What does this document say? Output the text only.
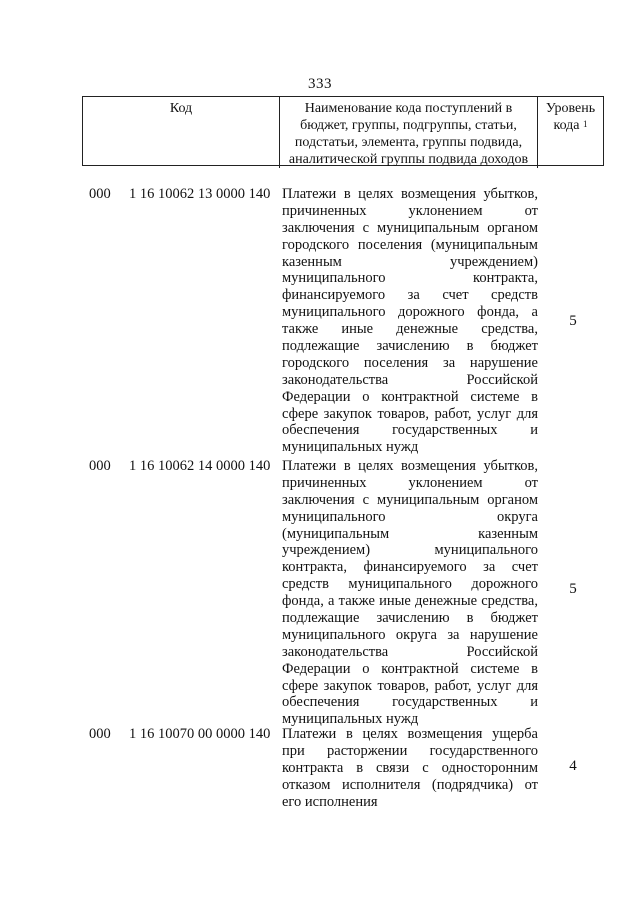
333
Код	Наименование кода поступлений в
бюджет, группы, подгруппы, статьи,
подстатьи, элемента, группы подвида,
аналитической группы подвида доходов
Уровень
кода $^1$
000 1 16 10062 13 0000 140 Платежи в целях возмещения убытков,
причиненных уклонением от
заключения с муниципальным органом
городского поселения (муниципальным
казенным учреждением)
муниципального контракта,
финансируемого за счет средств
муниципального дорожного фонда, а
также иные денежные средства,
подлежащие зачислению в бюджет
городского поселения за нарушение
законодательства Российской
Федерации о контрактной системе в
сфере закупок товаров, работ, услуг для
обеспечения государственных и
муниципальных нужд
5
000 1 16 10062 14 0000 140 Платежи в целях возмещения убытков,
причиненных уклонением от
заключения с муниципальным органом
муниципального округа
(муниципальным казенным
учреждением) муниципального
контракта, финансируемого за счет
средств муниципального дорожного
фонда, а также иные денежные средства,
подлежащие зачислению в бюджет
муниципального округа за нарушение
законодательства Российской
Федерации о контрактной системе в
сфере закупок товаров, работ, услуг для
обеспечения государственных и
муниципальных нужд
5
000 1 16 10070 00 0000 140 Платежи в целях возмещения ущерба
при расторжении государственного
контракта в связи с односторонним
отказом исполнителя (подрядчика) от
его исполнения
4
